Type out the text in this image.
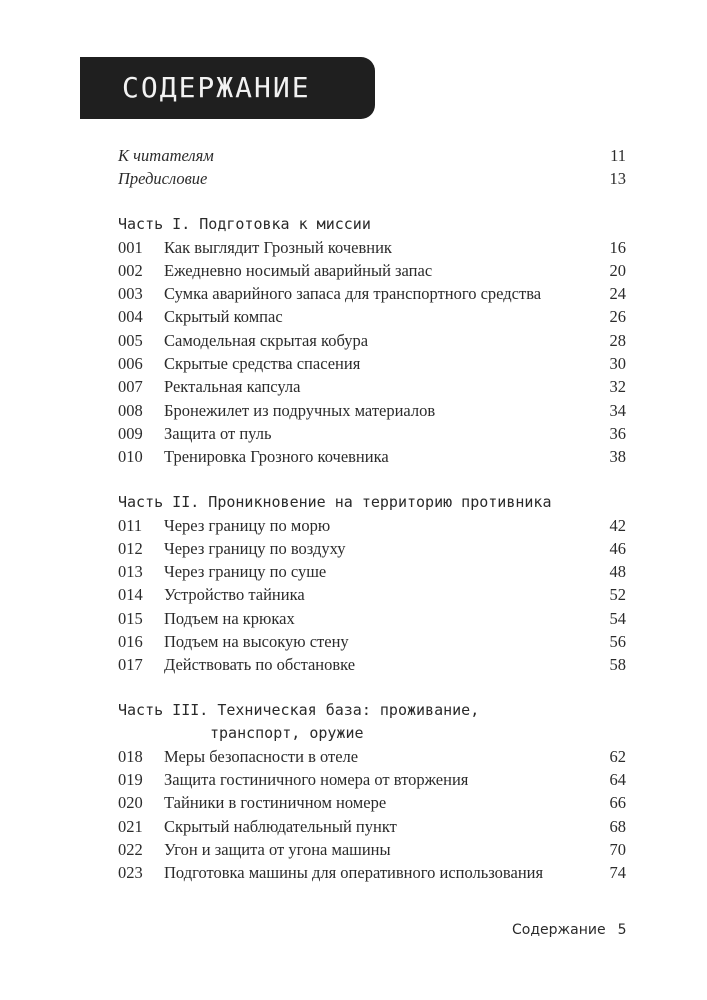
СОДЕРЖАНИЕ
К читателям	11
Предисловие	13
Часть I. Подготовка к миссии
001 Как выглядит Грозный кочевник	16
002 Ежедневно носимый аварийный запас	20
003 Сумка аварийного запаса для транспортного средства	24
004 Скрытый компас	26
005 Самодельная скрытая кобура	28
006 Скрытые средства спасения	30
007 Ректальная капсула	32
008 Бронежилет из подручных материалов	34
009 Защита от пуль	36
010 Тренировка Грозного кочевника	38
Часть II. Проникновение на территорию противника
011 Через границу по морю	42
012 Через границу по воздуху	46
013 Через границу по суше	48
014 Устройство тайника	52
015 Подъем на крюках	54
016 Подъем на высокую стену	56
017 Действовать по обстановке	58
Часть III. Техническая база: проживание,
транспорт, оружие
018 Меры безопасности в отеле	62
019 Защита гостиничного номера от вторжения	64
020 Тайники в гостиничном номере	66
021 Скрытый наблюдательный пункт	68
022 Угон и защита от угона машины	70
023 Подготовка машины для оперативного использования	74
Содержание 5
